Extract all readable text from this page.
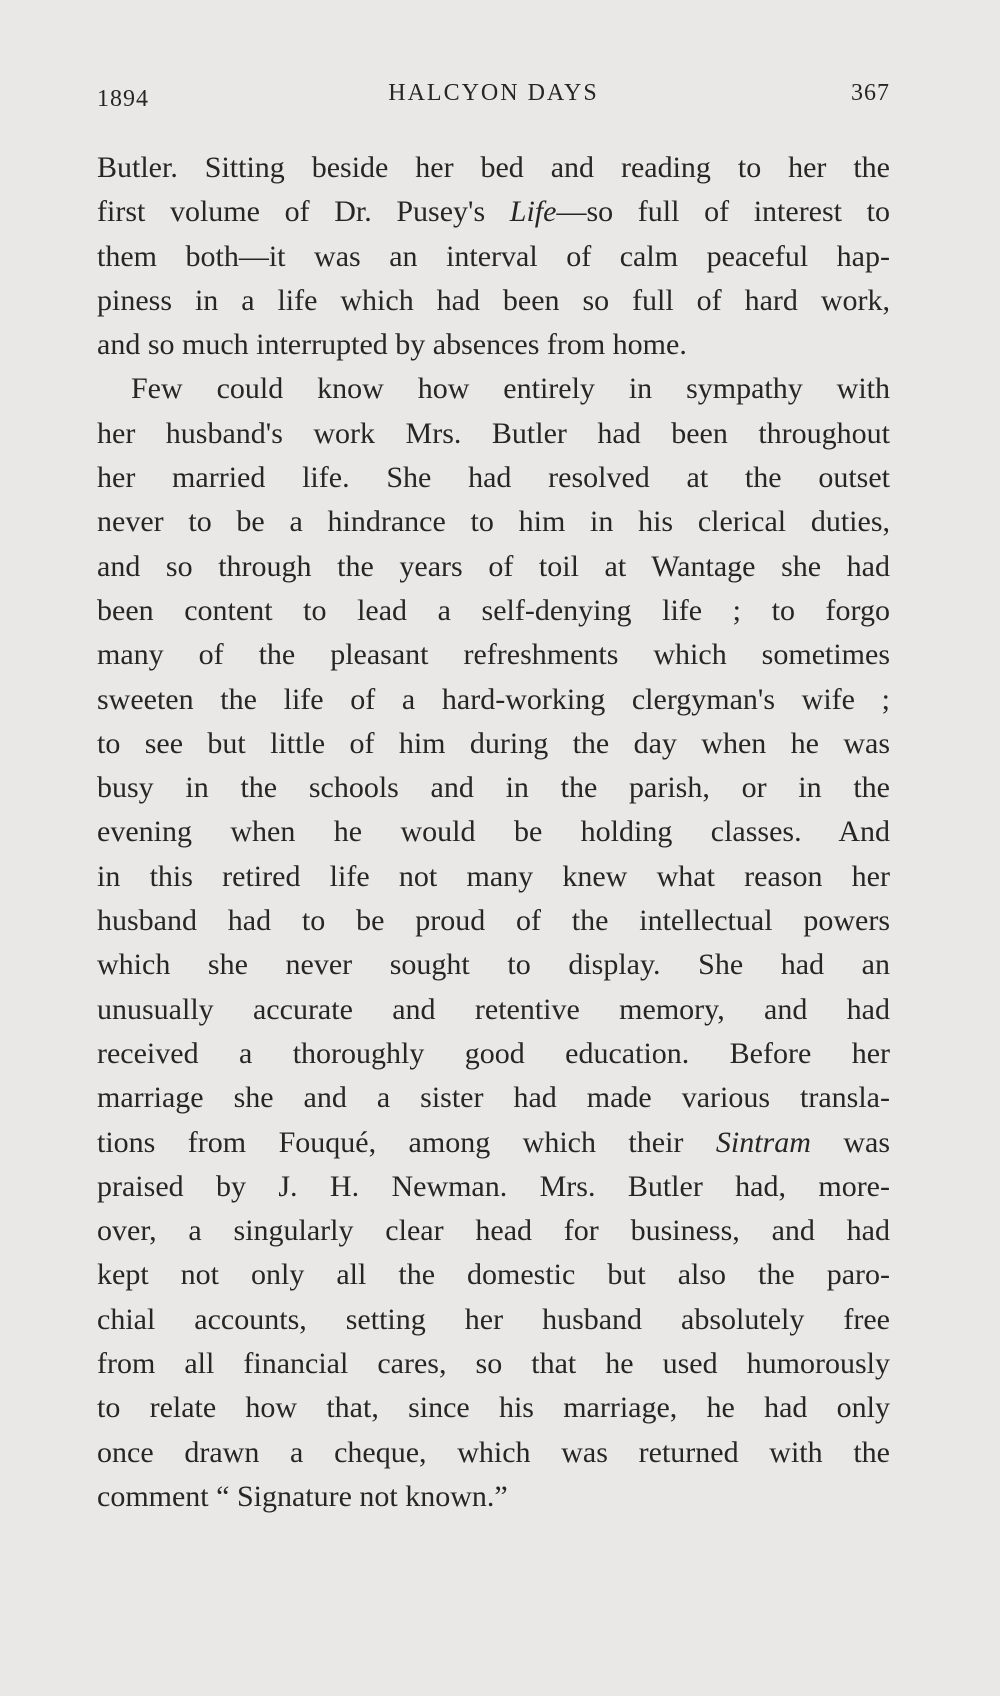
1894	HALCYON DAYS	367
Butler. Sitting beside her bed and reading to her the
first volume of Dr. Pusey's Life—so full of interest to
them both—it was an interval of calm peaceful hap-
piness in a life which had been so full of hard work,
and so much interrupted by absences from home.
Few could know how entirely in sympathy with
her husband's work Mrs. Butler had been throughout
her married life. She had resolved at the outset
never to be a hindrance to him in his clerical duties,
and so through the years of toil at Wantage she had
been content to lead a self-denying life ; to forgo
many of the pleasant refreshments which sometimes
sweeten the life of a hard-working clergyman's wife ;
to see but little of him during the day when he was
busy in the schools and in the parish, or in the
evening when he would be holding classes. And
in this retired life not many knew what reason her
husband had to be proud of the intellectual powers
which she never sought to display. She had an
unusually accurate and retentive memory, and had
received a thoroughly good education. Before her
marriage she and a sister had made various transla-
tions from Fouqué, among which their Sintram was
praised by J. H. Newman. Mrs. Butler had, more-
over, a singularly clear head for business, and had
kept not only all the domestic but also the paro-
chial accounts, setting her husband absolutely free
from all financial cares, so that he used humorously
to relate how that, since his marriage, he had only
once drawn a cheque, which was returned with the
comment “ Signature not known.”
